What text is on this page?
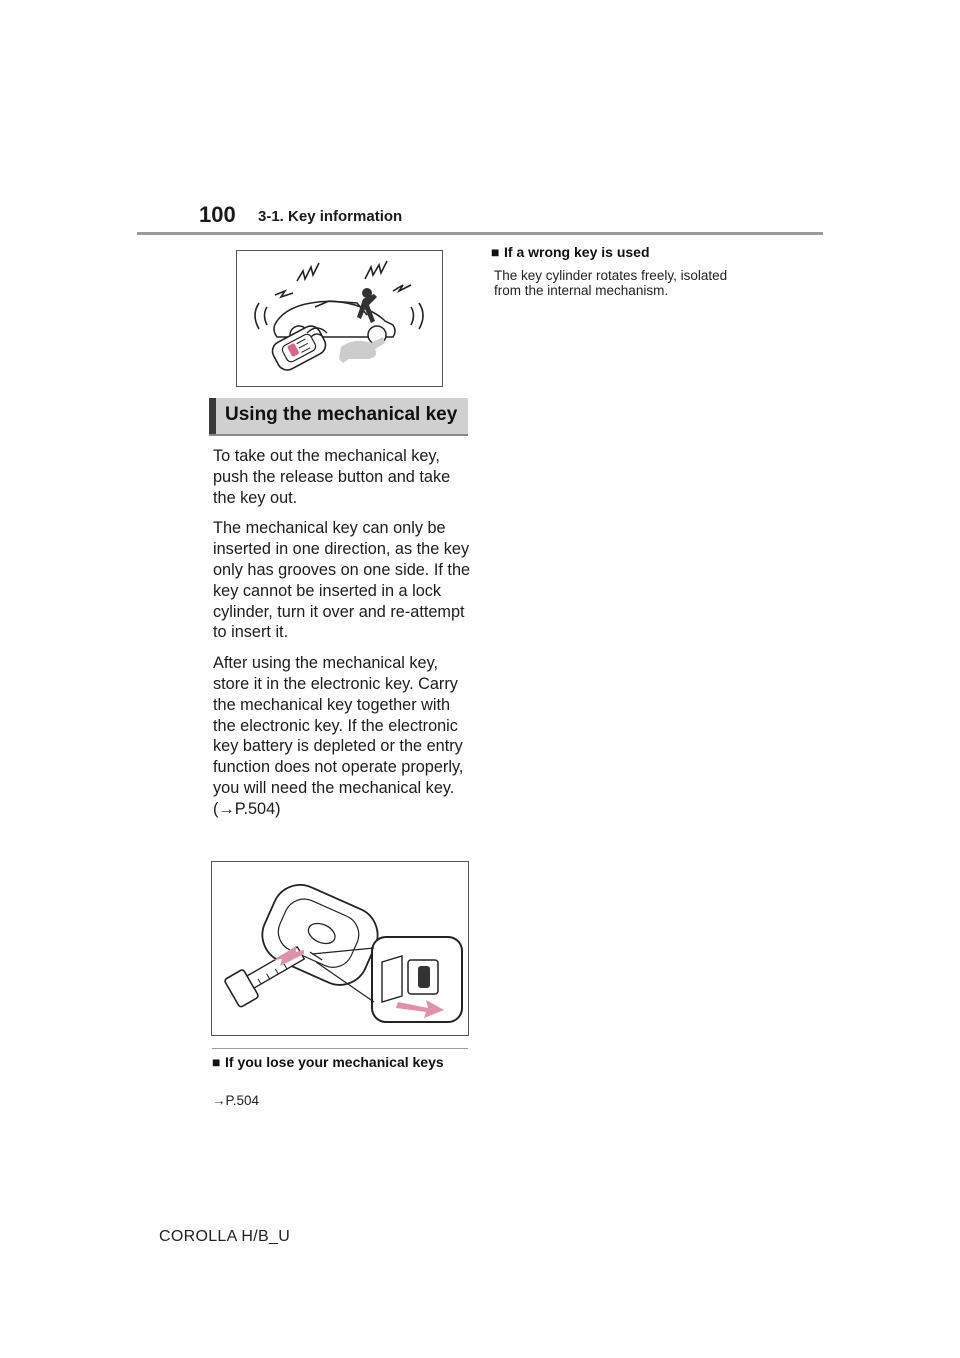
100 3-1. Key information
Using the mechanical key

To take out the mechanical key, push the release button and take the key out.

The mechanical key can only be inserted in one direction, as the key only has grooves on one side. If the key cannot be inserted in a lock cylinder, turn it over and re-attempt to insert it.

After using the mechanical key, store it in the electronic key. Carry the mechanical key together with the electronic key. If the electronic key battery is depleted or the entry function does not operate properly, you will need the mechanical key. (→P.504)

■ If you lose your mechanical keys
→P.504
■ If a wrong key is used
The key cylinder rotates freely, isolated from the internal mechanism.
COROLLA H/B_U
